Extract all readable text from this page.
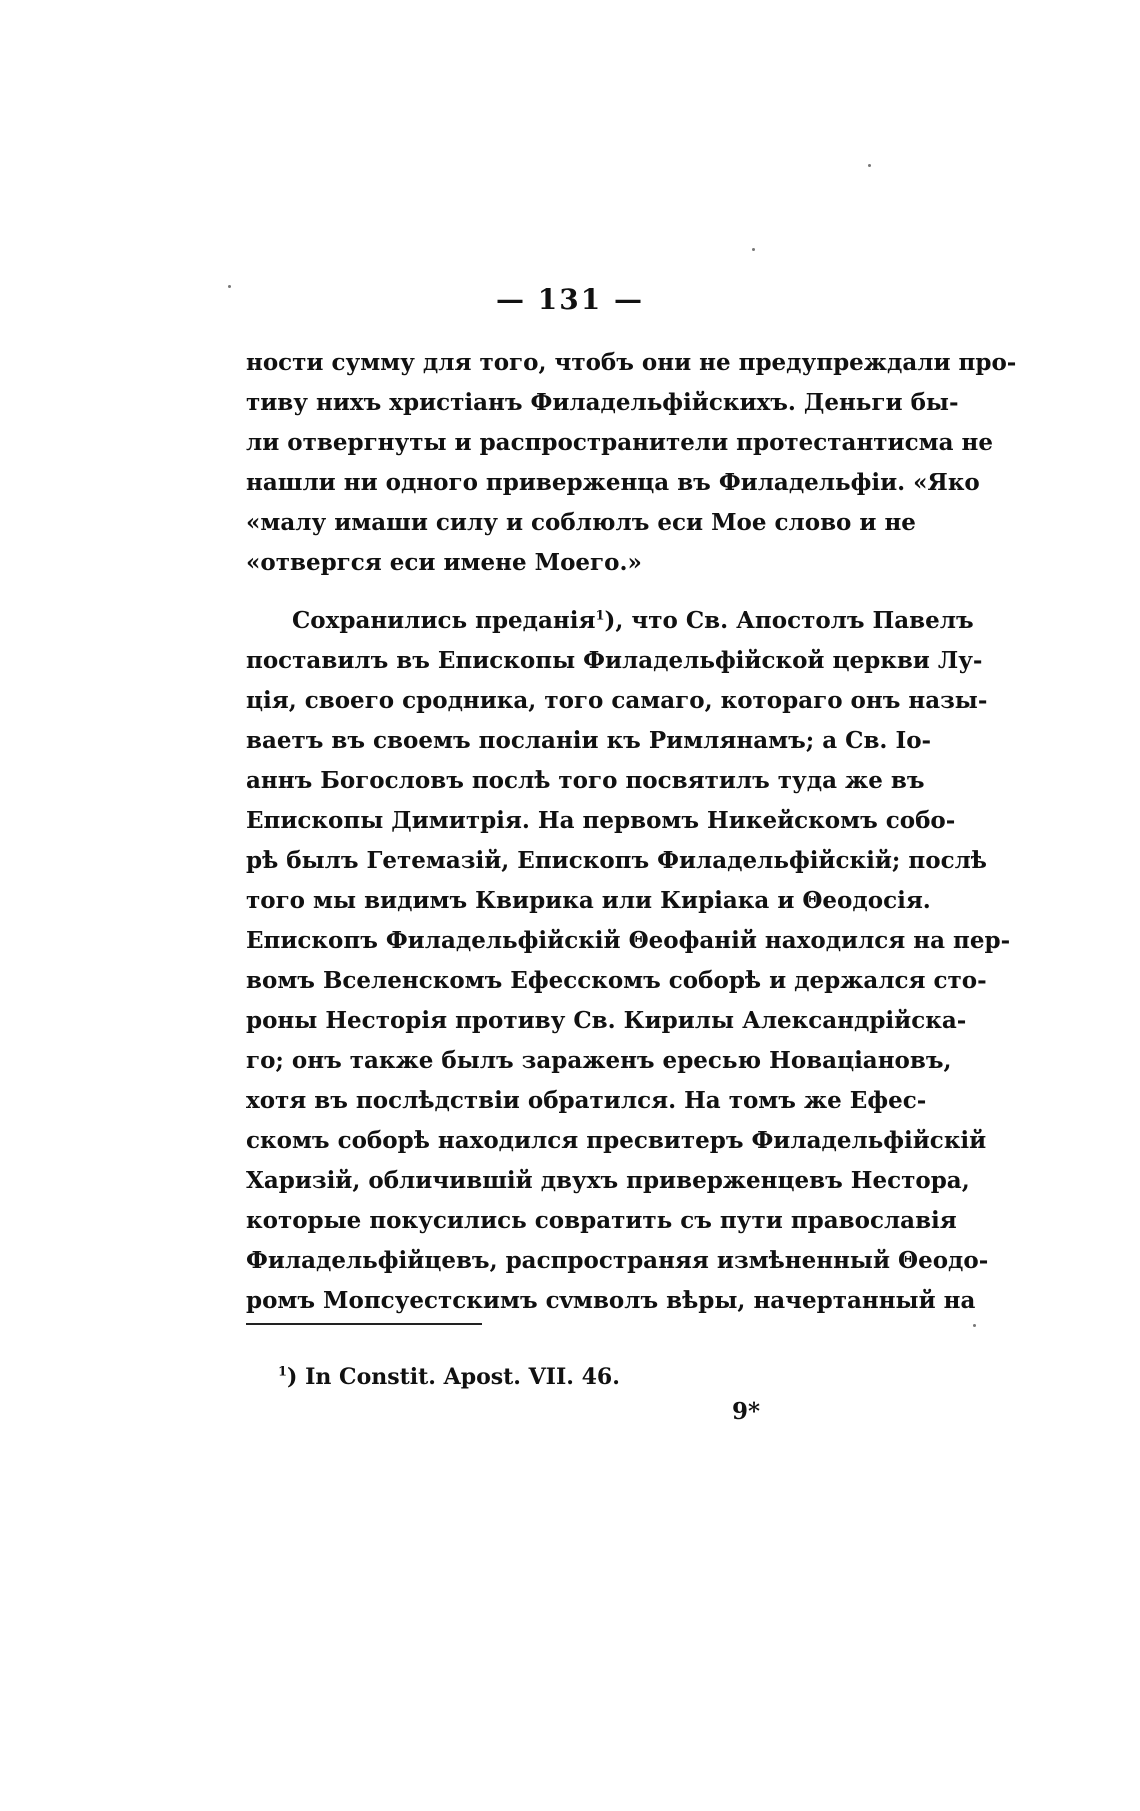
— 131 —
ности сумму для того, чтобъ они не предупреждали про-
тиву нихъ христіанъ Филадельфійскихъ. Деньги бы-
ли отвергнуты и распространители протестантисма не
нашли ни одного приверженца въ Филадельфіи. «Яко
«малу имаши силу и соблюлъ еси Мое слово и не
«отвергся еси имене Моего.»
Сохранились преданія$^1$), что Св. Апостолъ Павелъ
поставилъ въ Епископы Филадельфійской церкви Лу-
ція, своего сродника, того самаго, котораго онъ назы-
ваетъ въ своемъ посланіи къ Римлянамъ; а Св. Іо-
аннъ Богословъ послѣ того посвятилъ туда же въ
Епископы Димитрія. На первомъ Никейскомъ собо-
рѣ былъ Гетемазій, Епископъ Филадельфійскій; послѣ
того мы видимъ Квирика или Киріака и Θеодосія.
Епископъ Филадельфійскій Θеофаній находился на пер-
вомъ Вселенскомъ Ефесскомъ соборѣ и держался сто-
роны Несторія противу Св. Кирилы Александрійска-
го; онъ также былъ зараженъ ересью Новаціановъ,
хотя въ послѣдствіи обратился. На томъ же Ефес-
скомъ соборѣ находился пресвитеръ Филадельфійскій
Харизій, обличившій двухъ приверженцевъ Нестора,
которые покусились совратить съ пути православія
Филадельфійцевъ, распространяя измѣненный Θеодо-
ромъ Мопсуестскимъ сvмволъ вѣры, начертанный на
$^1$) In Constit. Apost. VII. 46.
9*
